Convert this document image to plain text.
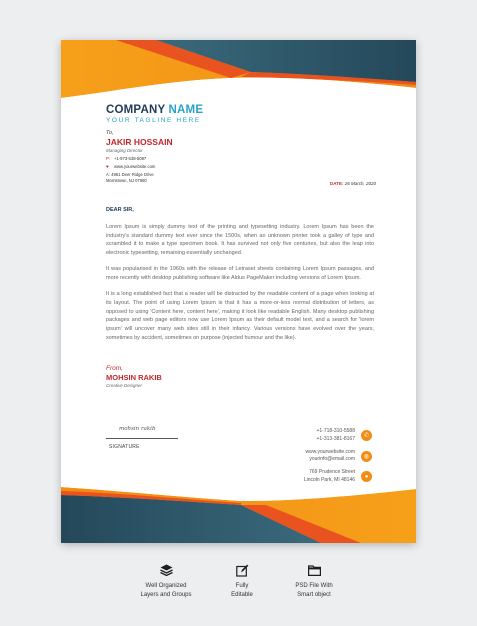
COMPANY NAME
YOUR TAGLINE HERE
To,
JAKIR HOSSAIN
Managing Director
P: +1-973-538-5087
♥	www.yourwebsite.com
A: 4961 Deer Ridge Drive
Morristown, NJ 07960
DATE: 26 March, 2020
DEAR SIR,

Lorem Ipsum is simply dummy text of the printing and typesetting industry. Lorem Ipsum has been the industry's standard dummy text ever since the 1500s, when an unknown printer took a galley of type and scrambled it to make a type specimen book. It has survived not only five centuries, but also the leap into electronic typesetting, remaining essentially unchanged.

It was popularised in the 1960s with the release of Letraset sheets containing Lorem Ipsum passages, and more recently with desktop publishing software like Aldus PageMaker including versions of Lorem Ipsum.

It is a long established fact that a reader will be distracted by the readable content of a page when looking at its layout. The point of using Lorem Ipsum is that it has a more-or-less normal distribution of letters, as opposed to using 'Content here, content here', making it look like readable English. Many desktop publishing packages and web page editors now use Lorem Ipsum as their default model text, and a search for 'lorem ipsum' will uncover many web sites still in their infancy. Various versions have evolved over the years, sometimes by accident, sometimes on purpose (injected humour and the like).

From,
MOHSIN RAKIB
Creative Designer
mohsin rakib
SIGNATURE
+1-718-310-5588
+1-313-381-8167	✆
www.yourwebsite.com
yourinfo@email.com	◍
769 Prudence Street
Lincoln Park, MI 48146	●
Well Organized
Layers and Groups
Fully
Editable
PSD File With
Smart object
